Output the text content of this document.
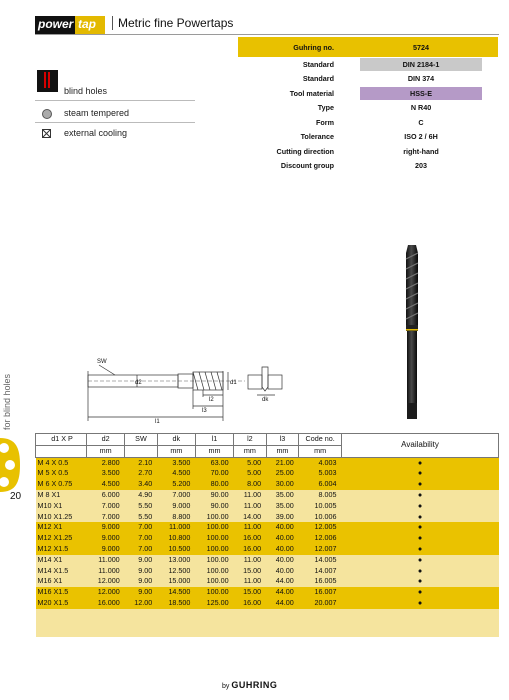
power tap	Metric fine Powertaps
Guhring no.	5724
Standard	DIN 2184-1
Standard	DIN 374
Tool material	HSS-E
Type	N R40
Form	C
Tolerance	ISO 2 / 6H
Cutting direction	right-hand
Discount group	203
blind holes
steam tempered
external cooling
SW
d2
l2
l3
l1
d1
dk
for blind holes
20
d1 X P	d2	SW	dk	l1	l2	l3	Code no.	Availability
	mm		mm	mm	mm	mm	mm	
M 4 X 0.5	2.800	2.10	3.500	63.00	5.00	21.00	4.003	●
M 5 X 0.5	3.500	2.70	4.500	70.00	5.00	25.00	5.003	●
M 6 X 0.75	4.500	3.40	5.200	80.00	8.00	30.00	6.004	●
M 8 X1	6.000	4.90	7.000	90.00	11.00	35.00	8.005	●
M10 X1	7.000	5.50	9.000	90.00	11.00	35.00	10.005	●
M10 X1.25	7.000	5.50	8.800	100.00	14.00	39.00	10.006	●
M12 X1	9.000	7.00	11.000	100.00	11.00	40.00	12.005	●
M12 X1.25	9.000	7.00	10.800	100.00	16.00	40.00	12.006	●
M12 X1.5	9.000	7.00	10.500	100.00	16.00	40.00	12.007	●
M14 X1	11.000	9.00	13.000	100.00	11.00	40.00	14.005	●
M14 X1.5	11.000	9.00	12.500	100.00	15.00	40.00	14.007	●
M16 X1	12.000	9.00	15.000	100.00	11.00	44.00	16.005	●
M16 X1.5	12.000	9.00	14.500	100.00	15.00	44.00	16.007	●
M20 X1.5	16.000	12.00	18.500	125.00	16.00	44.00	20.007	●

by GUHRING
